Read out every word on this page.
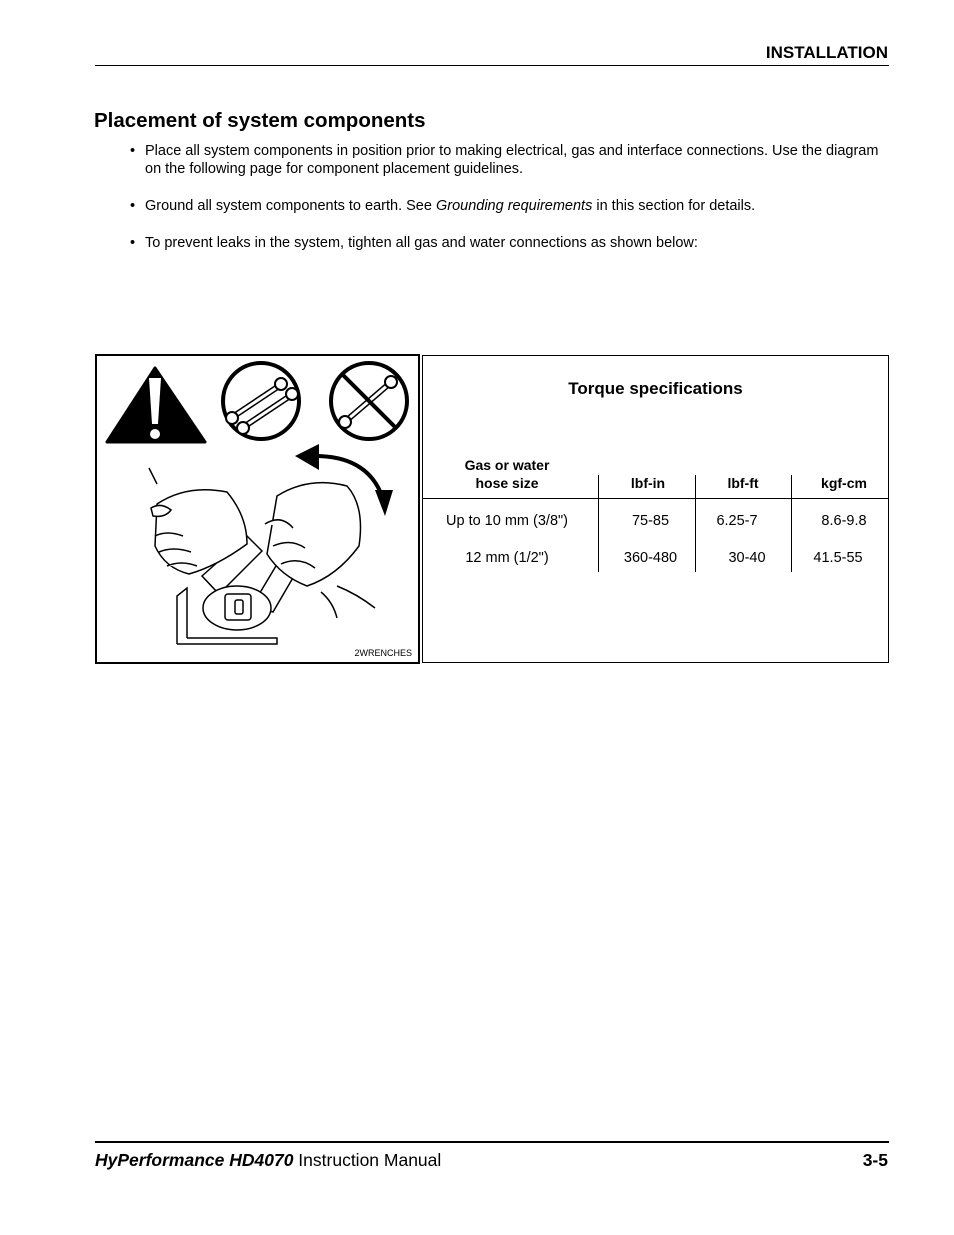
INSTALLATION
Placement of system components
• Place all system components in position prior to making electrical, gas and interface connections. Use the diagram on the following page for component placement guidelines.
• Ground all system components to earth. See Grounding requirements in this section for details.
• To prevent leaks in the system, tighten all gas and water connections as shown below:
2WRENCHES
Torque specifications
Gas or water
hose size	lbf-in	lbf-ft	kgf-cm
Up to 10 mm (3/8")	75-85	6.25-7	8.6-9.8
12 mm (1/2")	360-480	30-40	41.5-55
HyPerformance HD4070 Instruction Manual	3-5
